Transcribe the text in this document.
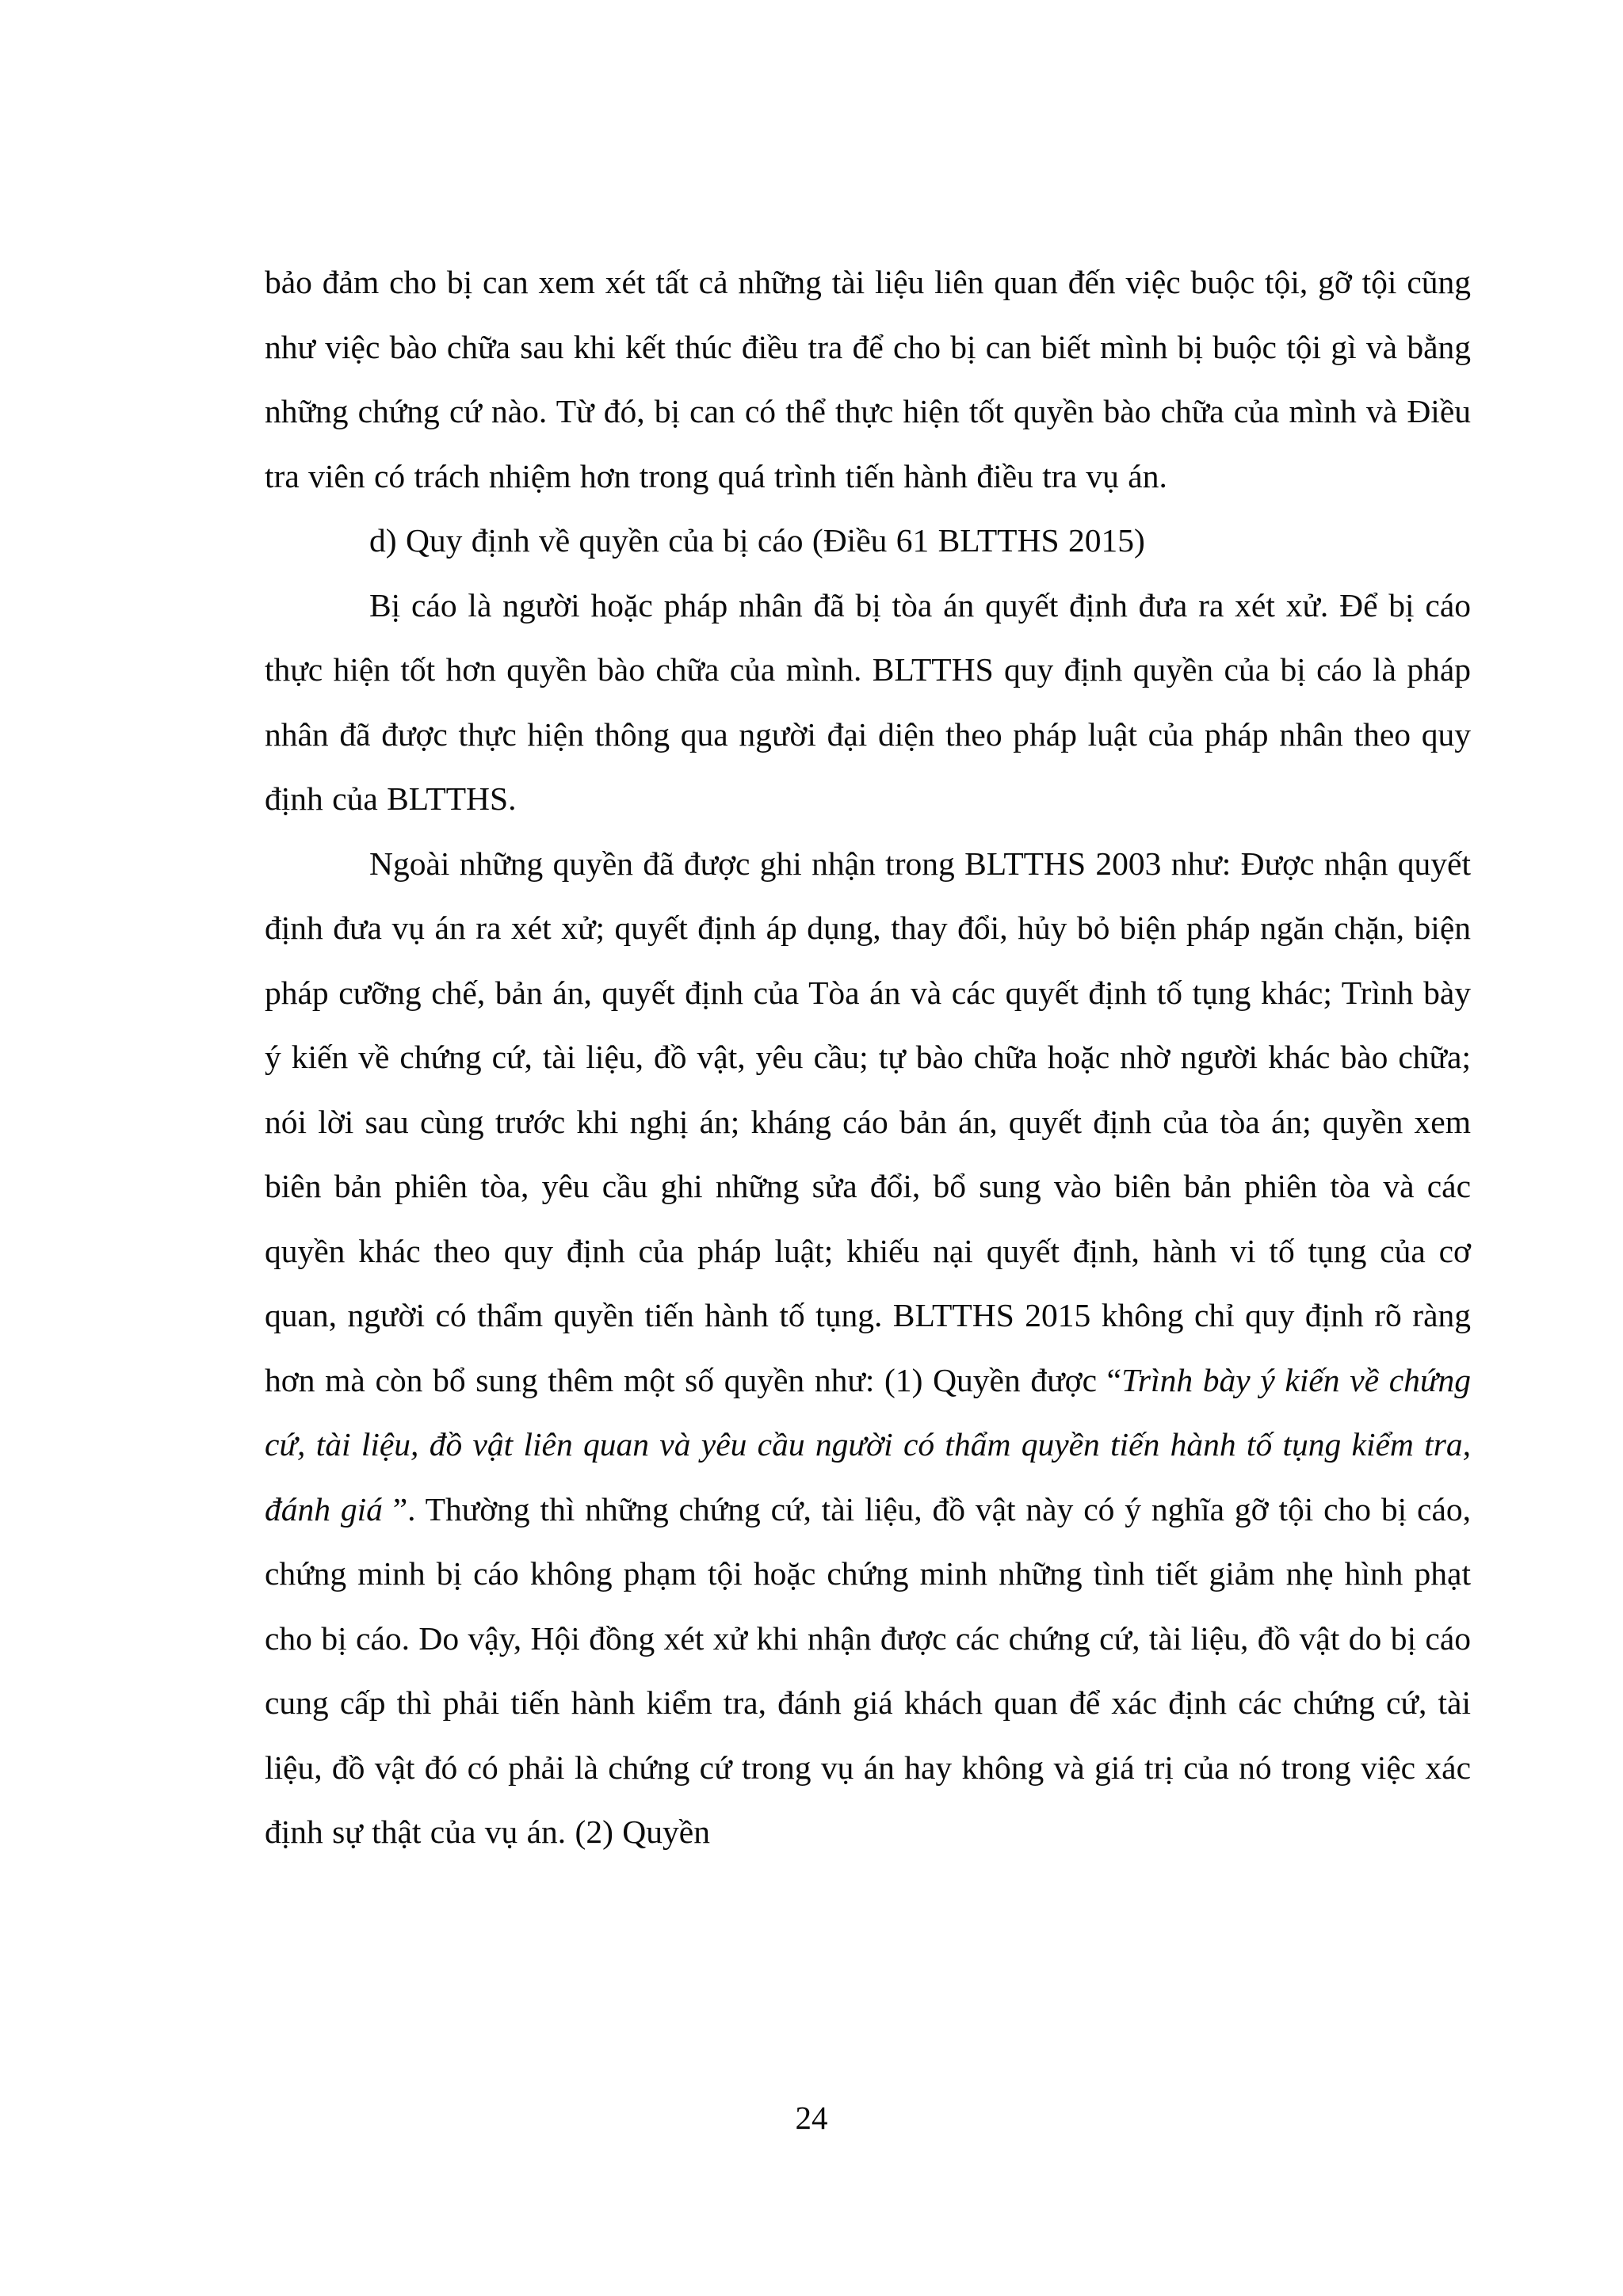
bảo đảm cho bị can xem xét tất cả những tài liệu liên quan đến việc buộc tội, gỡ tội cũng như việc bào chữa sau khi kết thúc điều tra để cho bị can biết mình bị buộc tội gì và bằng những chứng cứ nào. Từ đó, bị can có thể thực hiện tốt quyền bào chữa của mình và Điều tra viên có trách nhiệm hơn trong quá trình tiến hành điều tra vụ án.

d) Quy định về quyền của bị cáo (Điều 61 BLTTHS 2015)

Bị cáo là người hoặc pháp nhân đã bị tòa án quyết định đưa ra xét xử. Để bị cáo thực hiện tốt hơn quyền bào chữa của mình. BLTTHS quy định quyền của bị cáo là pháp nhân đã được thực hiện thông qua người đại diện theo pháp luật của pháp nhân theo quy định của BLTTHS.

Ngoài những quyền đã được ghi nhận trong BLTTHS 2003 như: Được nhận quyết định đưa vụ án ra xét xử; quyết định áp dụng, thay đổi, hủy bỏ biện pháp ngăn chặn, biện pháp cưỡng chế, bản án, quyết định của Tòa án và các quyết định tố tụng khác; Trình bày ý kiến về chứng cứ, tài liệu, đồ vật, yêu cầu; tự bào chữa hoặc nhờ người khác bào chữa; nói lời sau cùng trước khi nghị án; kháng cáo bản án, quyết định của tòa án; quyền xem biên bản phiên tòa, yêu cầu ghi những sửa đổi, bổ sung vào biên bản phiên tòa và các quyền khác theo quy định của pháp luật; khiếu nại quyết định, hành vi tố tụng của cơ quan, người có thẩm quyền tiến hành tố tụng. BLTTHS 2015 không chỉ quy định rõ ràng hơn mà còn bổ sung thêm một số quyền như: (1) Quyền được “Trình bày ý kiến về chứng cứ, tài liệu, đồ vật liên quan và yêu cầu người có thẩm quyền tiến hành tố tụng kiểm tra, đánh giá ”. Thường thì những chứng cứ, tài liệu, đồ vật này có ý nghĩa gỡ tội cho bị cáo, chứng minh bị cáo không phạm tội hoặc chứng minh những tình tiết giảm nhẹ hình phạt cho bị cáo. Do vậy, Hội đồng xét xử khi nhận được các chứng cứ, tài liệu, đồ vật do bị cáo cung cấp thì phải tiến hành kiểm tra, đánh giá khách quan để xác định các chứng cứ, tài liệu, đồ vật đó có phải là chứng cứ trong vụ án hay không và giá trị của nó trong việc xác định sự thật của vụ án. (2) Quyền

24
